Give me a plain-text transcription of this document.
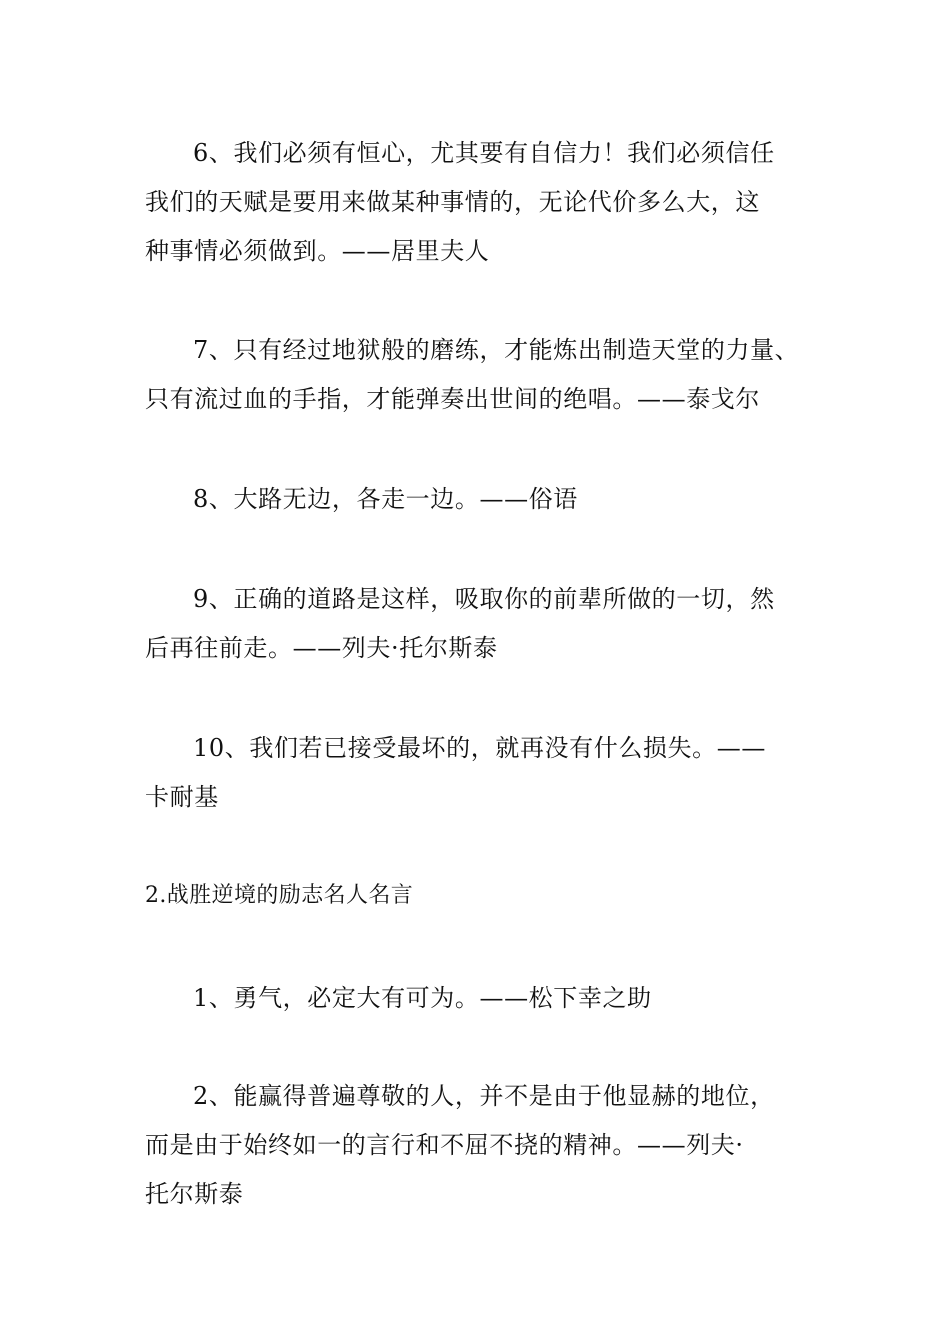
6、我们必须有恒心，尤其要有自信力！我们必须信任
我们的天赋是要用来做某种事情的，无论代价多么大，这
种事情必须做到。——居里夫人

7、只有经过地狱般的磨练，才能炼出制造天堂的力量、
只有流过血的手指，才能弹奏出世间的绝唱。——泰戈尔

8、大路无边，各走一边。——俗语

9、正确的道路是这样，吸取你的前辈所做的一切，然
后再往前走。——列夫·托尔斯泰

10、我们若已接受最坏的，就再没有什么损失。——
卡耐基

2.战胜逆境的励志名人名言

1、勇气，必定大有可为。——松下幸之助

2、能赢得普遍尊敬的人，并不是由于他显赫的地位，
而是由于始终如一的言行和不屈不挠的精神。——列夫·
托尔斯泰
